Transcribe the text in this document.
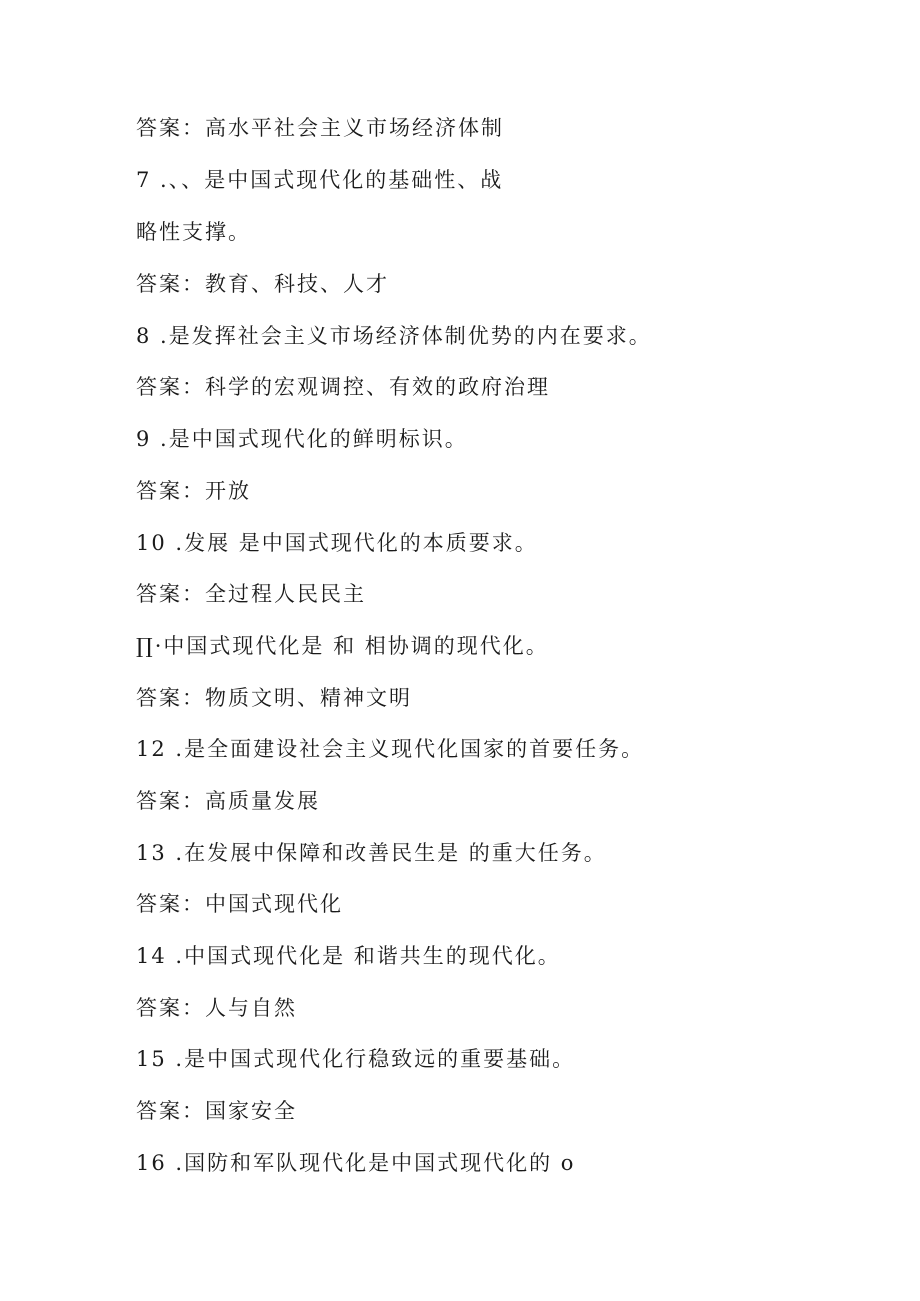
答案：高水平社会主义市场经济体制

7 .、、是中国式现代化的基础性、战

略性支撑。

答案：教育、科技、人才

8 .是发挥社会主义市场经济体制优势的内在要求。

答案：科学的宏观调控、有效的政府治理

9 .是中国式现代化的鲜明标识。

答案：开放

10 .发展 是中国式现代化的本质要求。

答案：全过程人民民主

∏·中国式现代化是 和 相协调的现代化。

答案：物质文明、精神文明

12 .是全面建设社会主义现代化国家的首要任务。

答案：高质量发展

13 .在发展中保障和改善民生是 的重大任务。

答案：中国式现代化

14 .中国式现代化是 和谐共生的现代化。

答案：人与自然

15 .是中国式现代化行稳致远的重要基础。

答案：国家安全

16 .国防和军队现代化是中国式现代化的 o
